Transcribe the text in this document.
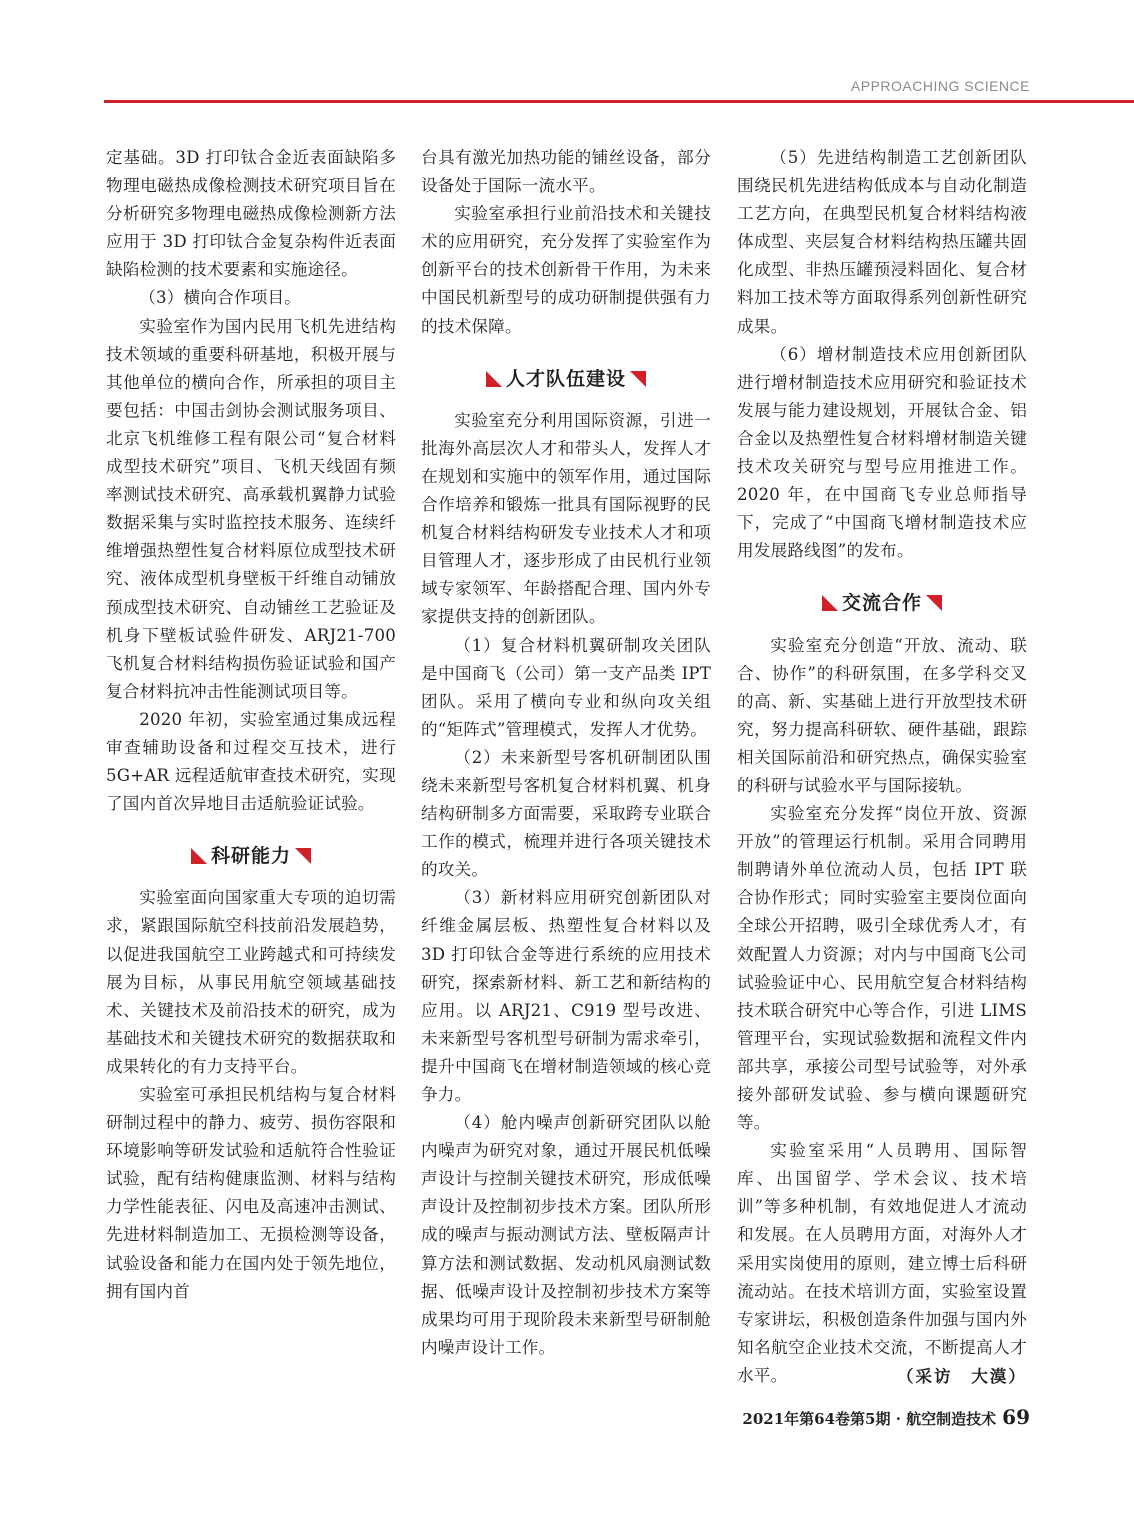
APPROACHING SCIENCE

定基础。3D 打印钛合金近表面缺陷多物理电磁热成像检测技术研究项目旨在分析研究多物理电磁热成像检测新方法应用于 3D 打印钛合金复杂构件近表面缺陷检测的技术要素和实施途径。

（3）横向合作项目。

实验室作为国内民用飞机先进结构技术领域的重要科研基地，积极开展与其他单位的横向合作，所承担的项目主要包括：中国击剑协会测试服务项目、北京飞机维修工程有限公司“复合材料成型技术研究”项目、飞机天线固有频率测试技术研究、高承载机翼静力试验数据采集与实时监控技术服务、连续纤维增强热塑性复合材料原位成型技术研究、液体成型机身壁板干纤维自动铺放预成型技术研究、自动铺丝工艺验证及机身下壁板试验件研发、ARJ21-700 飞机复合材料结构损伤验证试验和国产复合材料抗冲击性能测试项目等。

2020 年初，实验室通过集成远程审查辅助设备和过程交互技术，进行 5G+AR 远程适航审查技术研究，实现了国内首次异地目击适航验证试验。

科研能力

实验室面向国家重大专项的迫切需求，紧跟国际航空科技前沿发展趋势，以促进我国航空工业跨越式和可持续发展为目标，从事民用航空领域基础技术、关键技术及前沿技术的研究，成为基础技术和关键技术研究的数据获取和成果转化的有力支持平台。

实验室可承担民机结构与复合材料研制过程中的静力、疲劳、损伤容限和环境影响等研发试验和适航符合性验证试验，配有结构健康监测、材料与结构力学性能表征、闪电及高速冲击测试、先进材料制造加工、无损检测等设备，试验设备和能力在国内处于领先地位，拥有国内首

台具有激光加热功能的铺丝设备，部分设备处于国际一流水平。

实验室承担行业前沿技术和关键技术的应用研究，充分发挥了实验室作为创新平台的技术创新骨干作用，为未来中国民机新型号的成功研制提供强有力的技术保障。

人才队伍建设

实验室充分利用国际资源，引进一批海外高层次人才和带头人，发挥人才在规划和实施中的领军作用，通过国际合作培养和锻炼一批具有国际视野的民机复合材料结构研发专业技术人才和项目管理人才，逐步形成了由民机行业领域专家领军、年龄搭配合理、国内外专家提供支持的创新团队。

（1）复合材料机翼研制攻关团队是中国商飞（公司）第一支产品类 IPT 团队。采用了横向专业和纵向攻关组的“矩阵式”管理模式，发挥人才优势。

（2）未来新型号客机研制团队围绕未来新型号客机复合材料机翼、机身结构研制多方面需要，采取跨专业联合工作的模式，梳理并进行各项关键技术的攻关。

（3）新材料应用研究创新团队对纤维金属层板、热塑性复合材料以及 3D 打印钛合金等进行系统的应用技术研究，探索新材料、新工艺和新结构的应用。以 ARJ21、C919 型号改进、未来新型号客机型号研制为需求牵引，提升中国商飞在增材制造领域的核心竞争力。

（4）舱内噪声创新研究团队以舱内噪声为研究对象，通过开展民机低噪声设计与控制关键技术研究，形成低噪声设计及控制初步技术方案。团队所形成的噪声与振动测试方法、壁板隔声计算方法和测试数据、发动机风扇测试数据、低噪声设计及控制初步技术方案等成果均可用于现阶段未来新型号研制舱内噪声设计工作。

（5）先进结构制造工艺创新团队围绕民机先进结构低成本与自动化制造工艺方向，在典型民机复合材料结构液体成型、夹层复合材料结构热压罐共固化成型、非热压罐预浸料固化、复合材料加工技术等方面取得系列创新性研究成果。

（6）增材制造技术应用创新团队进行增材制造技术应用研究和验证技术发展与能力建设规划，开展钛合金、铝合金以及热塑性复合材料增材制造关键技术攻关研究与型号应用推进工作。2020 年，在中国商飞专业总师指导下，完成了“中国商飞增材制造技术应用发展路线图”的发布。

交流合作

实验室充分创造“开放、流动、联合、协作”的科研氛围，在多学科交叉的高、新、实基础上进行开放型技术研究，努力提高科研软、硬件基础，跟踪相关国际前沿和研究热点，确保实验室的科研与试验水平与国际接轨。

实验室充分发挥“岗位开放、资源开放”的管理运行机制。采用合同聘用制聘请外单位流动人员，包括 IPT 联合协作形式；同时实验室主要岗位面向全球公开招聘，吸引全球优秀人才，有效配置人力资源；对内与中国商飞公司试验验证中心、民用航空复合材料结构技术联合研究中心等合作，引进 LIMS 管理平台，实现试验数据和流程文件内部共享，承接公司型号试验等，对外承接外部研发试验、参与横向课题研究等。

实验室采用“人员聘用、国际智库、出国留学、学术会议、技术培训”等多种机制，有效地促进人才流动和发展。在人员聘用方面，对海外人才采用实岗使用的原则，建立博士后科研流动站。在技术培训方面，实验室设置专家讲坛，积极创造条件加强与国内外知名航空企业技术交流，不断提高人才水平。	（采访　大漠）

2021年第64卷第5期 · 航空制造技术 69
